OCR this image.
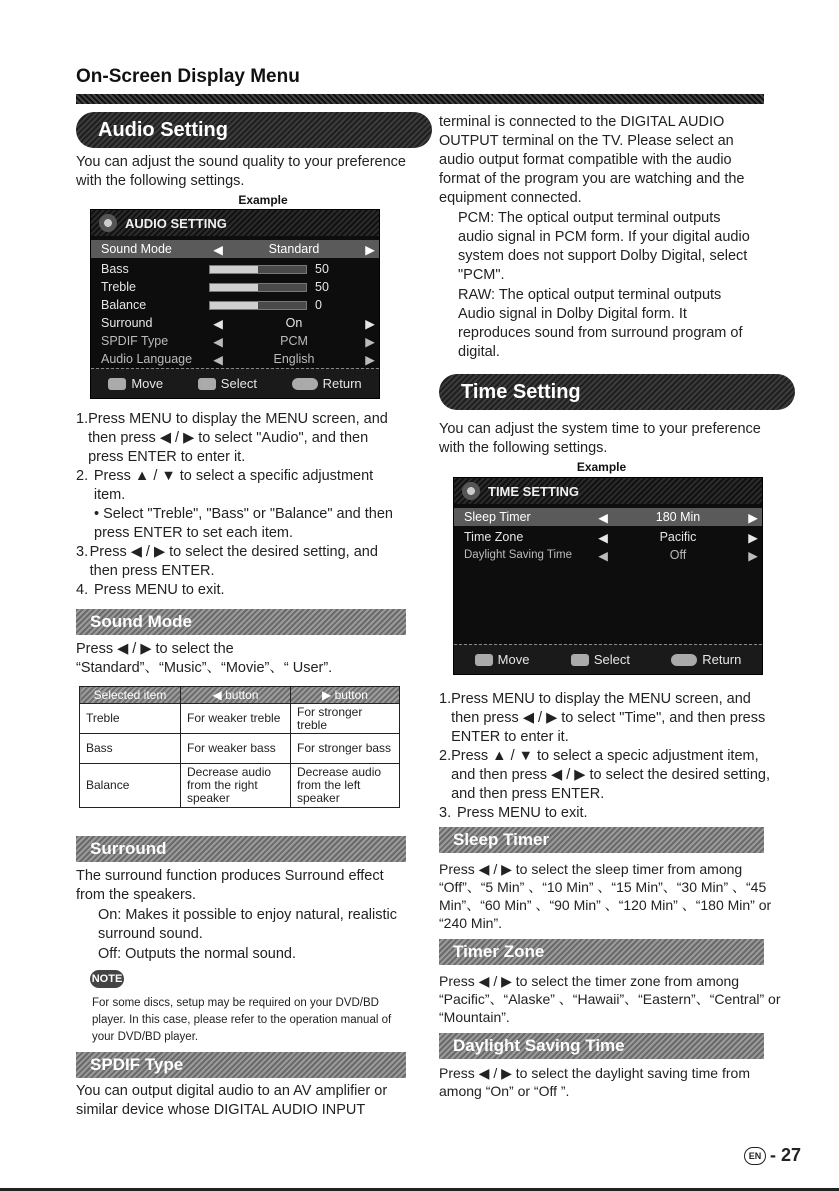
On-Screen Display Menu
Audio Setting
You can adjust the sound quality to your preference with the following settings.
Example
AUDIO SETTING
Sound Mode	◀	Standard	▶
Bass	50
Treble	50
Balance	0
Surround	◀	On	▶
SPDIF Type	◀	PCM	▶
Audio Language	◀	English	▶
Move	Select	Return
1. Press MENU to display the MENU screen, and then press ◀ / ▶ to select "Audio", and then press ENTER to enter it.
2. Press ▲ / ▼ to select a specific adjustment item.
• Select "Treble", "Bass" or "Balance" and then press ENTER to set each item.
3. Press ◀ / ▶ to select the desired setting, and then press ENTER.
4. Press MENU to exit.
Sound Mode
Press ◀ / ▶ to select the “Standard”、“Music”、“Movie”、“ User”.
Selected item	◀ button	▶ button
Treble	For weaker treble	For stronger treble
Bass	For weaker bass	For stronger bass
Balance	Decrease audio from the right speaker	Decrease audio from the left speaker
Surround
The surround function produces Surround effect from the speakers.
On: Makes it possible to enjoy natural, realistic surround sound.
Off: Outputs the normal sound.
NOTE
For some discs, setup may be required on your DVD/BD player. In this case, please refer to the operation manual of your DVD/BD player.
SPDIF Type
You can output digital audio to an AV amplifier or similar device whose DIGITAL AUDIO INPUT
terminal is connected to the DIGITAL AUDIO OUTPUT terminal on the TV. Please select an audio output format compatible with the audio format of the program you are watching and the equipment connected.
PCM: The optical output terminal outputs audio signal in PCM form. If your digital audio system does not support Dolby Digital, select "PCM".
RAW: The optical output terminal outputs Audio signal in Dolby Digital form. It reproduces sound from surround program of digital.
Time Setting
You can adjust the system time to your preference with the following settings.
Example
TIME SETTING
Sleep Timer	◀	180 Min	▶
Time Zone	◀	Pacific	▶
Daylight Saving Time	◀	Off	▶
Move	Select	Return
1. Press MENU to display the MENU screen, and then press ◀ / ▶ to select "Time", and then press ENTER to enter it.
2. Press ▲ / ▼ to select a specic adjustment item, and then press ◀ / ▶ to select the desired setting, and then press ENTER.
3. Press MENU to exit.
Sleep Timer
Press ◀ / ▶ to select the sleep timer from among “Off”、“5 Min” 、“10 Min” 、“15 Min”、“30 Min” 、“45 Min”、“60 Min” 、“90 Min” 、“120 Min” 、“180 Min” or “240 Min”.
Timer Zone
Press ◀ / ▶ to select the timer zone from among “Pacific”、“Alaske” 、“Hawaii”、“Eastern”、“Central” or “Mountain”.
Daylight Saving Time
Press ◀ / ▶ to select the daylight saving time from among “On” or “Off ”.
EN - 27
